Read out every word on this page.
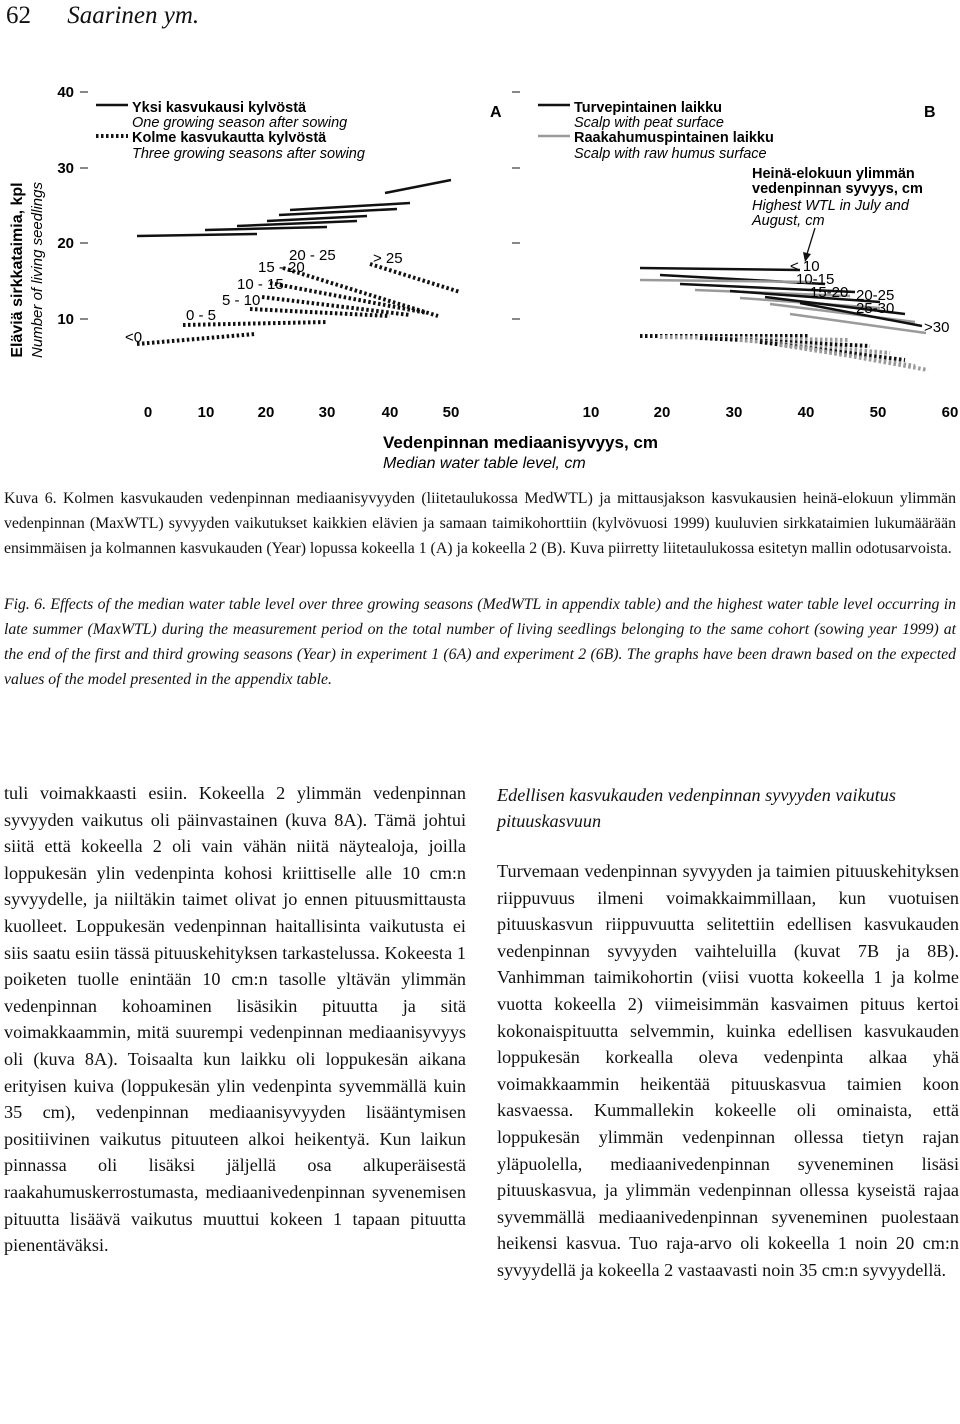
62 Saarinen ym.
Eläviä sirkkataimia, kpl Number of living seedlings
40
30
20
10
A
Yksi kasvukausi kylvöstä
One growing season after sowing
Kolme kasvukautta kylvöstä
Three growing seasons after sowing
<0
0 - 5
5 - 10
10 - 15
15 - 20
20 - 25 > 25
B
Turvepintainen laikku
Scalp with peat surface
Raakahumuspintainen laikku
Scalp with raw humus surface
Heinä-elokuun ylimmän
vedenpinnan syvyys, cm
Highest WTL in July and
August, cm
< 10
10-15
15-20 20-25
25-30
>30
0	10	20	30	40	50	10	20	30	40	50	60
Vedenpinnan mediaanisyvyys, cm
Median water table level, cm
Kuva 6. Kolmen kasvukauden vedenpinnan mediaanisyvyyden (liitetaulukossa MedWTL) ja mittausjakson kasvukausien heinä-elokuun ylimmän vedenpinnan (MaxWTL) syvyyden vaikutukset kaikkien elävien ja samaan taimikohorttiin (kylvövuosi 1999) kuuluvien sirkkataimien lukumäärään ensimmäisen ja kolmannen kasvukauden (Year) lopussa kokeella 1 (A) ja kokeella 2 (B). Kuva piirretty liitetaulukossa esitetyn mallin odotusarvoista.
Fig. 6. Effects of the median water table level over three growing seasons (MedWTL in appendix table) and the highest water table level occurring in late summer (MaxWTL) during the measurement period on the total number of living seedlings belonging to the same cohort (sowing year 1999) at the end of the first and third growing seasons (Year) in experiment 1 (6A) and experiment 2 (6B). The graphs have been drawn based on the expected values of the model presented in the appendix table.

tuli voimakkaasti esiin. Kokeella 2 ylimmän vedenpinnan syvyyden vaikutus oli päinvastainen (kuva 8A). Tämä johtui siitä että kokeella 2 oli vain vähän niitä näytealoja, joilla loppukesän ylin vedenpinta kohosi kriittiselle alle 10 cm:n syvyydelle, ja niiltäkin taimet olivat jo ennen pituusmittausta kuolleet. Loppukesän vedenpinnan haitallisinta vaikutusta ei siis saatu esiin tässä pituuskehityksen tarkastelussa. Kokeesta 1 poiketen tuolle enintään 10 cm:n tasolle yltävän ylimmän vedenpinnan kohoaminen lisäsikin pituutta ja sitä voimakkaammin, mitä suurempi vedenpinnan mediaanisyvyys oli (kuva 8A). Toisaalta kun laikku oli loppukesän aikana erityisen kuiva (loppukesän ylin vedenpinta syvemmällä kuin 35 cm), vedenpinnan mediaanisyvyyden lisääntymisen positiivinen vaikutus pituuteen alkoi heikentyä. Kun laikun pinnassa oli lisäksi jäljellä osa alkuperäisestä raakahumuskerrostumasta, mediaanivedenpinnan syvenemisen pituutta lisäävä vaikutus muuttui kokeen 1 tapaan pituutta pienentäväksi.

Edellisen kasvukauden vedenpinnan syvyyden vaikutus pituuskasvuun

Turvemaan vedenpinnan syvyyden ja taimien pituuskehityksen riippuvuus ilmeni voimakkaimmillaan, kun vuotuisen pituuskasvun riippuvuutta selitettiin edellisen kasvukauden vedenpinnan syvyyden vaihteluilla (kuvat 7B ja 8B). Vanhimman taimikohortin (viisi vuotta kokeella 1 ja kolme vuotta kokeella 2) viimeisimmän kasvaimen pituus kertoi kokonaispituutta selvemmin, kuinka edellisen kasvukauden loppukesän korkealla oleva vedenpinta alkaa yhä voimakkaammin heikentää pituuskasvua taimien koon kasvaessa. Kummallekin kokeelle oli ominaista, että loppukesän ylimmän vedenpinnan ollessa tietyn rajan yläpuolella, mediaanivedenpinnan syveneminen lisäsi pituuskasvua, ja ylimmän vedenpinnan ollessa kyseistä rajaa syvemmällä mediaanivedenpinnan syveneminen puolestaan heikensi kasvua. Tuo raja-arvo oli kokeella 1 noin 20 cm:n syvyydellä ja kokeella 2 vastaavasti noin 35 cm:n syvyydellä.
